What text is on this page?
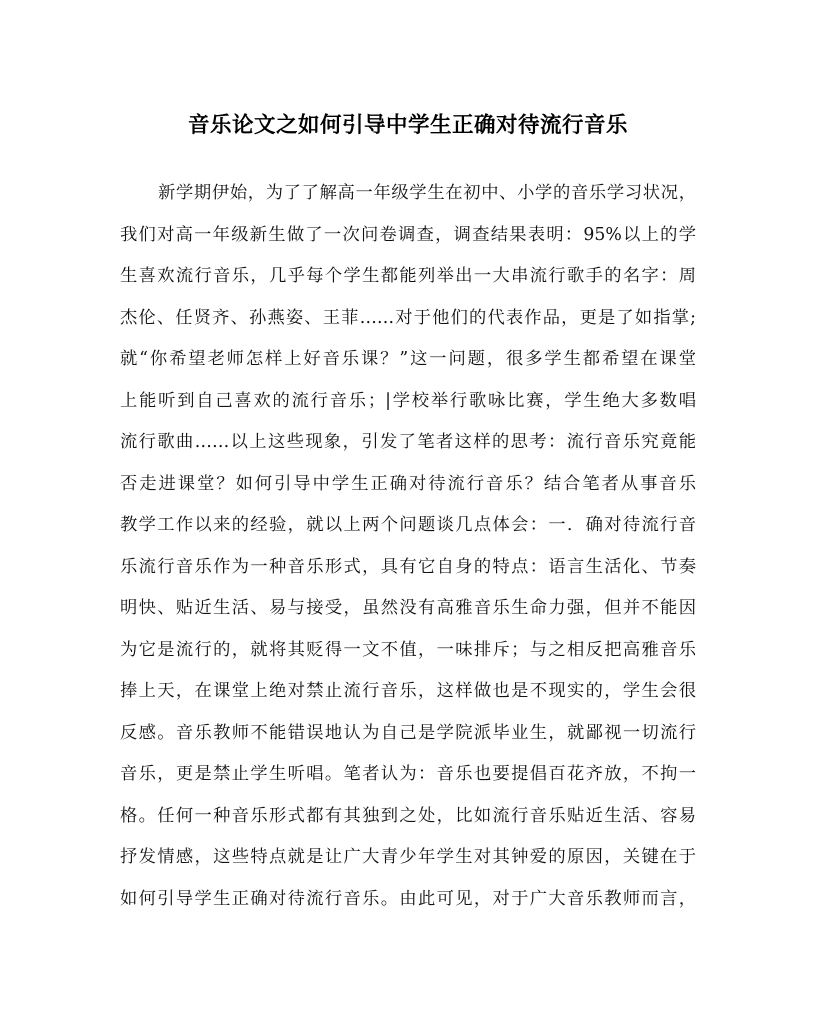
音乐论文之如何引导中学生正确对待流行音乐
新学期伊始，为了了解高一年级学生在初中、小学的音乐学习状况，
我们对高一年级新生做了一次问卷调查，调查结果表明：95%以上的学
生喜欢流行音乐，几乎每个学生都能列举出一大串流行歌手的名字：周
杰伦、任贤齐、孙燕姿、王菲……对于他们的代表作品，更是了如指掌;
就“你希望老师怎样上好音乐课？”这一问题，很多学生都希望在课堂
上能听到自己喜欢的流行音乐；|学校举行歌咏比赛，学生绝大多数唱
流行歌曲……以上这些现象，引发了笔者这样的思考：流行音乐究竟能
否走进课堂？如何引导中学生正确对待流行音乐？结合笔者从事音乐
教学工作以来的经验，就以上两个问题谈几点体会：一．确对待流行音
乐流行音乐作为一种音乐形式，具有它自身的特点：语言生活化、节奏
明快、贴近生活、易与接受，虽然没有高雅音乐生命力强，但并不能因
为它是流行的，就将其贬得一文不值，一味排斥；与之相反把高雅音乐
捧上天，在课堂上绝对禁止流行音乐，这样做也是不现实的，学生会很
反感。音乐教师不能错误地认为自己是学院派毕业生，就鄙视一切流行
音乐，更是禁止学生听唱。笔者认为：音乐也要提倡百花齐放，不拘一
格。任何一种音乐形式都有其独到之处，比如流行音乐贴近生活、容易
抒发情感，这些特点就是让广大青少年学生对其钟爱的原因，关键在于
如何引导学生正确对待流行音乐。由此可见，对于广大音乐教师而言，
